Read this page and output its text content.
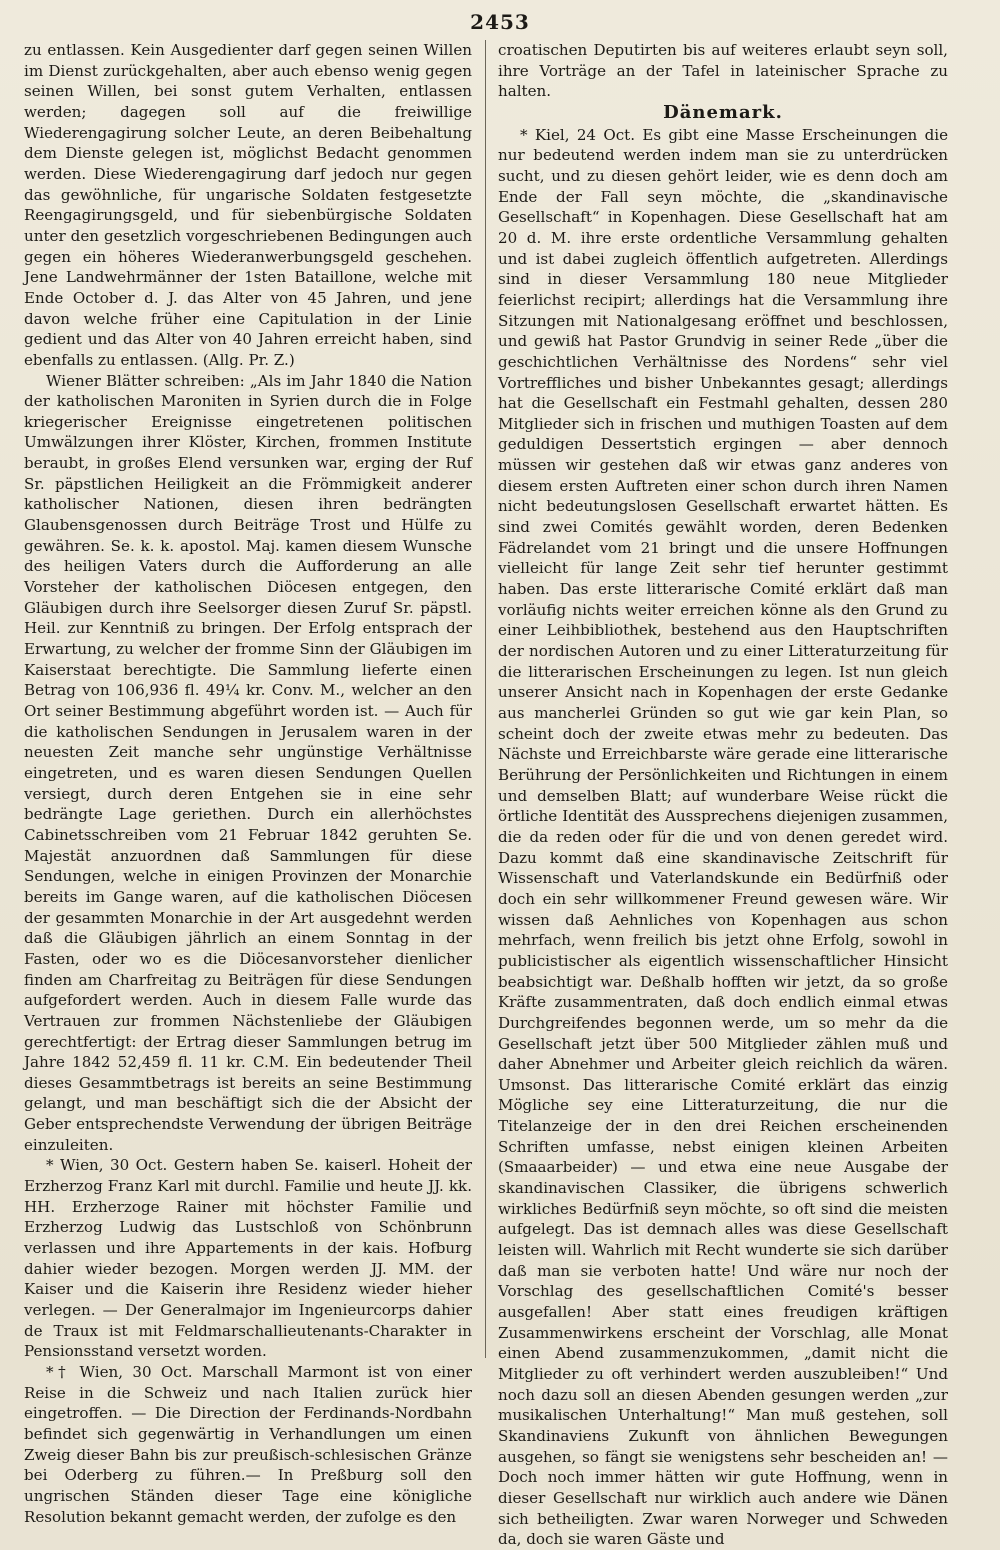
2453

zu entlassen. Kein Ausgedienter darf gegen seinen Willen im Dienst zurückgehalten, aber auch ebenso wenig gegen seinen Willen, bei sonst gutem Verhalten, entlassen werden; dagegen soll auf die freiwillige Wiederengagirung solcher Leute, an deren Beibehaltung dem Dienste gelegen ist, möglichst Bedacht genommen werden. Diese Wiederengagirung darf jedoch nur gegen das gewöhnliche, für ungarische Soldaten festgesetzte Reengagirungsgeld, und für siebenbürgische Soldaten unter den gesetzlich vorgeschriebenen Bedingungen auch gegen ein höheres Wiederanwerbungsgeld geschehen. Jene Landwehrmänner der 1sten Bataillone, welche mit Ende October d. J. das Alter von 45 Jahren, und jene davon welche früher eine Capitulation in der Linie gedient und das Alter von 40 Jahren erreicht haben, sind ebenfalls zu entlassen. (Allg. Pr. Z.)

Wiener Blätter schreiben: „Als im Jahr 1840 die Nation der katholischen Maroniten in Syrien durch die in Folge kriegerischer Ereignisse eingetretenen politischen Umwälzungen ihrer Klöster, Kirchen, frommen Institute beraubt, in großes Elend versunken war, erging der Ruf Sr. päpstlichen Heiligkeit an die Frömmigkeit anderer katholischer Nationen, diesen ihren bedrängten Glaubensgenossen durch Beiträge Trost und Hülfe zu gewähren. Se. k. k. apostol. Maj. kamen diesem Wunsche des heiligen Vaters durch die Aufforderung an alle Vorsteher der katholischen Diöcesen entgegen, den Gläubigen durch ihre Seelsorger diesen Zuruf Sr. päpstl. Heil. zur Kenntniß zu bringen. Der Erfolg entsprach der Erwartung, zu welcher der fromme Sinn der Gläubigen im Kaiserstaat berechtigte. Die Sammlung lieferte einen Betrag von 106,936 fl. 49¼ kr. Conv. M., welcher an den Ort seiner Bestimmung abgeführt worden ist. — Auch für die katholischen Sendungen in Jerusalem waren in der neuesten Zeit manche sehr ungünstige Verhältnisse eingetreten, und es waren diesen Sendungen Quellen versiegt, durch deren Entgehen sie in eine sehr bedrängte Lage geriethen. Durch ein allerhöchstes Cabinetsschreiben vom 21 Februar 1842 geruhten Se. Majestät anzuordnen daß Sammlungen für diese Sendungen, welche in einigen Provinzen der Monarchie bereits im Gange waren, auf die katholischen Diöcesen der gesammten Monarchie in der Art ausgedehnt werden daß die Gläubigen jährlich an einem Sonntag in der Fasten, oder wo es die Diöcesanvorsteher dienlicher finden am Charfreitag zu Beiträgen für diese Sendungen aufgefordert werden. Auch in diesem Falle wurde das Vertrauen zur frommen Nächstenliebe der Gläubigen gerechtfertigt: der Ertrag dieser Sammlungen betrug im Jahre 1842 52,459 fl. 11 kr. C.M. Ein bedeutender Theil dieses Gesammtbetrags ist bereits an seine Bestimmung gelangt, und man beschäftigt sich die der Absicht der Geber entsprechendste Verwendung der übrigen Beiträge einzuleiten.

* Wien, 30 Oct. Gestern haben Se. kaiserl. Hoheit der Erzherzog Franz Karl mit durchl. Familie und heute JJ. kk. HH. Erzherzoge Rainer mit höchster Familie und Erzherzog Ludwig das Lustschloß von Schönbrunn verlassen und ihre Appartements in der kais. Hofburg dahier wieder bezogen. Morgen werden JJ. MM. der Kaiser und die Kaiserin ihre Residenz wieder hieher verlegen. — Der Generalmajor im Ingenieurcorps dahier de Traux ist mit Feldmarschallieutenants-Charakter in Pensionsstand versetzt worden.

*† Wien, 30 Oct. Marschall Marmont ist von einer Reise in die Schweiz und nach Italien zurück hier eingetroffen. — Die Direction der Ferdinands-Nordbahn befindet sich gegenwärtig in Verhandlungen um einen Zweig dieser Bahn bis zur preußisch-schlesischen Gränze bei Oderberg zu führen.— In Preßburg soll den ungrischen Ständen dieser Tage eine königliche Resolution bekannt gemacht werden, der zufolge es den

croatischen Deputirten bis auf weiteres erlaubt seyn soll, ihre Vorträge an der Tafel in lateinischer Sprache zu halten.

Dänemark.

* Kiel, 24 Oct. Es gibt eine Masse Erscheinungen die nur bedeutend werden indem man sie zu unterdrücken sucht, und zu diesen gehört leider, wie es denn doch am Ende der Fall seyn möchte, die „skandinavische Gesellschaft“ in Kopenhagen. Diese Gesellschaft hat am 20 d. M. ihre erste ordentliche Versammlung gehalten und ist dabei zugleich öffentlich aufgetreten. Allerdings sind in dieser Versammlung 180 neue Mitglieder feierlichst recipirt; allerdings hat die Versammlung ihre Sitzungen mit Nationalgesang eröffnet und beschlossen, und gewiß hat Pastor Grundvig in seiner Rede „über die geschichtlichen Verhältnisse des Nordens“ sehr viel Vortreffliches und bisher Unbekanntes gesagt; allerdings hat die Gesellschaft ein Festmahl gehalten, dessen 280 Mitglieder sich in frischen und muthigen Toasten auf dem geduldigen Dessertstich ergingen — aber dennoch müssen wir gestehen daß wir etwas ganz anderes von diesem ersten Auftreten einer schon durch ihren Namen nicht bedeutungslosen Gesellschaft erwartet hätten. Es sind zwei Comités gewählt worden, deren Bedenken Fädrelandet vom 21 bringt und die unsere Hoffnungen vielleicht für lange Zeit sehr tief herunter gestimmt haben. Das erste litterarische Comité erklärt daß man vorläufig nichts weiter erreichen könne als den Grund zu einer Leihbibliothek, bestehend aus den Hauptschriften der nordischen Autoren und zu einer Litteraturzeitung für die litterarischen Erscheinungen zu legen. Ist nun gleich unserer Ansicht nach in Kopenhagen der erste Gedanke aus mancherlei Gründen so gut wie gar kein Plan, so scheint doch der zweite etwas mehr zu bedeuten. Das Nächste und Erreichbarste wäre gerade eine litterarische Berührung der Persönlichkeiten und Richtungen in einem und demselben Blatt; auf wunderbare Weise rückt die örtliche Identität des Aussprechens diejenigen zusammen, die da reden oder für die und von denen geredet wird. Dazu kommt daß eine skandinavische Zeitschrift für Wissenschaft und Vaterlandskunde ein Bedürfniß oder doch ein sehr willkommener Freund gewesen wäre. Wir wissen daß Aehnliches von Kopenhagen aus schon mehrfach, wenn freilich bis jetzt ohne Erfolg, sowohl in publicistischer als eigentlich wissenschaftlicher Hinsicht beabsichtigt war. Deßhalb hofften wir jetzt, da so große Kräfte zusammentraten, daß doch endlich einmal etwas Durchgreifendes begonnen werde, um so mehr da die Gesellschaft jetzt über 500 Mitglieder zählen muß und daher Abnehmer und Arbeiter gleich reichlich da wären. Umsonst. Das litterarische Comité erklärt das einzig Mögliche sey eine Litteraturzeitung, die nur die Titelanzeige der in den drei Reichen erscheinenden Schriften umfasse, nebst einigen kleinen Arbeiten (Smaaarbeider) — und etwa eine neue Ausgabe der skandinavischen Classiker, die übrigens schwerlich wirkliches Bedürfniß seyn möchte, so oft sind die meisten aufgelegt. Das ist demnach alles was diese Gesellschaft leisten will. Wahrlich mit Recht wunderte sie sich darüber daß man sie verboten hatte! Und wäre nur noch der Vorschlag des gesellschaftlichen Comité's besser ausgefallen! Aber statt eines freudigen kräftigen Zusammenwirkens erscheint der Vorschlag, alle Monat einen Abend zusammenzukommen, „damit nicht die Mitglieder zu oft verhindert werden auszubleiben!“ Und noch dazu soll an diesen Abenden gesungen werden „zur musikalischen Unterhaltung!“ Man muß gestehen, soll Skandinaviens Zukunft von ähnlichen Bewegungen ausgehen, so fängt sie wenigstens sehr bescheiden an! — Doch noch immer hätten wir gute Hoffnung, wenn in dieser Gesellschaft nur wirklich auch andere wie Dänen sich betheiligten. Zwar waren Norweger und Schweden da, doch sie waren Gäste und
